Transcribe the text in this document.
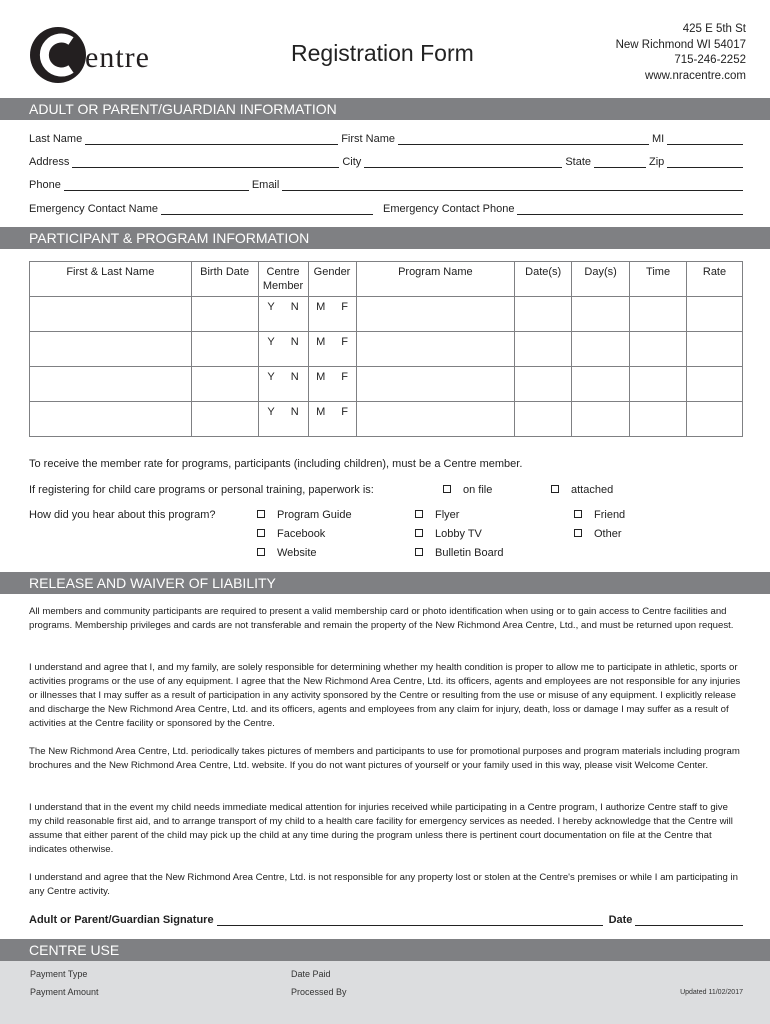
entre	Registration Form
425 E 5th St
New Richmond WI 54017
715-246-2252
www.nracentre.com
ADULT OR PARENT/GUARDIAN INFORMATION
Last Name	First Name	MI
Address	City	State	Zip
Phone	Email
Emergency Contact Name	Emergency Contact Phone
PARTICIPANT & PROGRAM INFORMATION
First & Last Name	Birth Date	Centre Member	Gender	Program Name	Date(s)	Day(s)	Time	Rate

		Y N	M F					

		Y N	M F					

		Y N	M F					

		Y N	M F					

To receive the member rate for programs, participants (including children), must be a Centre member.
If registering for child care programs or personal training, paperwork is:	on file	attached
How did you hear about this program?	Program Guide
Facebook
Website
Flyer
Lobby TV
Bulletin Board
Friend
Other
RELEASE AND WAIVER OF LIABILITY
All members and community participants are required to present a valid membership card or photo identification when using or to gain access to Centre facilities and programs. Membership privileges and cards are not transferable and remain the property of the New Richmond Area Centre, Ltd., and must be returned upon request.
I understand and agree that I, and my family, are solely responsible for determining whether my health condition is proper to allow me to participate in athletic, sports or activities programs or the use of any equipment. I agree that the New Richmond Area Centre, Ltd. its officers, agents and employees are not responsible for any injuries or illnesses that I may suffer as a result of participation in any activity sponsored by the Centre or resulting from the use or misuse of any equipment. I explicitly release and discharge the New Richmond Area Centre, Ltd. and its officers, agents and employees from any claim for injury, death, loss or damage I may suffer as a result of activities at the Centre facility or sponsored by the Centre.
The New Richmond Area Centre, Ltd. periodically takes pictures of members and participants to use for promotional purposes and program materials including program brochures and the New Richmond Area Centre, Ltd. website. If you do not want pictures of yourself or your family used in this way, please visit Welcome Center.
I understand that in the event my child needs immediate medical attention for injuries received while participating in a Centre program, I authorize Centre staff to give my child reasonable first aid, and to arrange transport of my child to a health care facility for emergency services as needed. I hereby acknowledge that the Centre will assume that either parent of the child may pick up the child at any time during the program unless there is pertinent court documentation on file at the Centre that indicates otherwise.
I understand and agree that the New Richmond Area Centre, Ltd. is not responsible for any property lost or stolen at the Centre's premises or while I am participating in any Centre activity.
Adult or Parent/Guardian Signature	Date
CENTRE USE
Payment Type
Payment Amount
Date Paid
Processed By	Updated 11/02/2017
